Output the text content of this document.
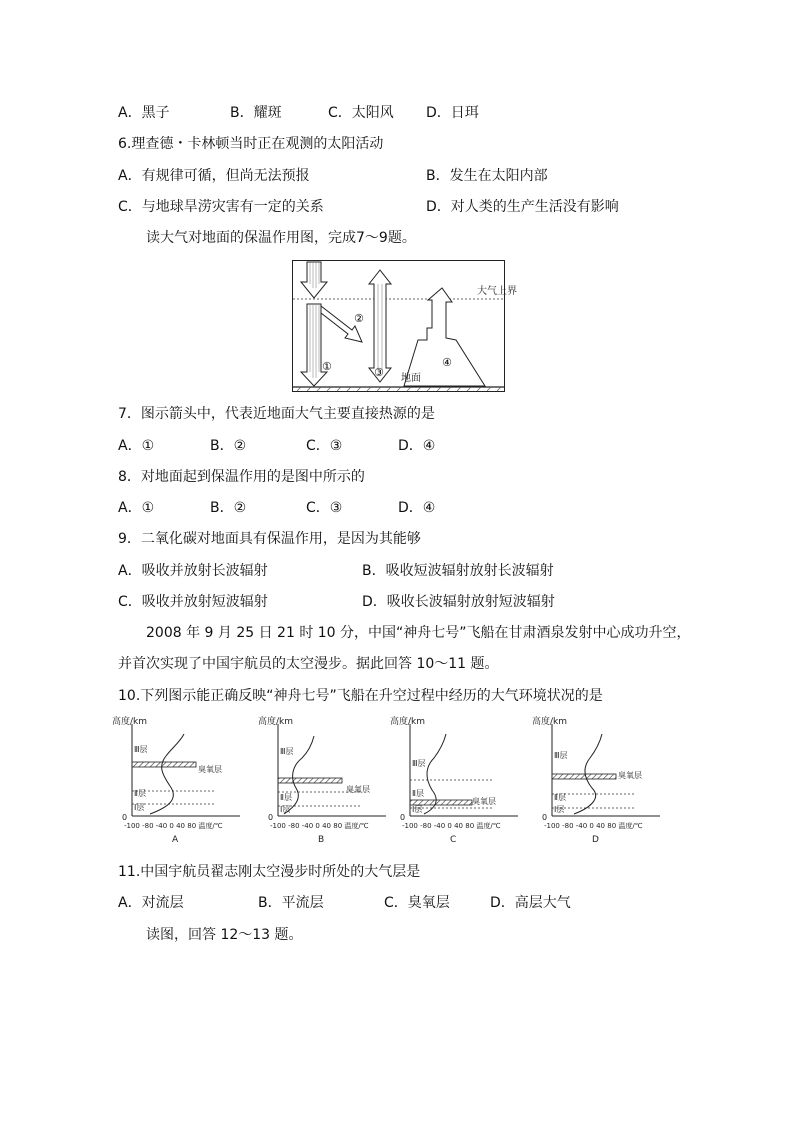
A．黑子	B．耀斑	C．太阳风 D．日珥
6.理查德・卡林顿当时正在观测的太阳活动
A．有规律可循，但尚无法预报	B．发生在太阳内部
C．与地球旱涝灾害有一定的关系	D．对人类的生产生活没有影响
读大气对地面的保温作用图，完成7～9题。
大气上界
地面
①
②
③
④
7．图示箭头中，代表近地面大气主要直接热源的是
A．①	B．②	C．③	D．④
8．对地面起到保温作用的是图中所示的
A．①	B．②	C．③	D．④
9．二氧化碳对地面具有保温作用，是因为其能够
A．吸收并放射长波辐射	B．吸收短波辐射放射长波辐射
C．吸收并放射短波辐射	D．吸收长波辐射放射短波辐射
2008 年 9 月 25 日 21 时 10 分，中国“神舟七号”飞船在甘肃酒泉发射中心成功升空，
并首次实现了中国宇航员的太空漫步。据此回答 10～11 题。
10.下列图示能正确反映“神舟七号”飞船在升空过程中经历的大气环境状况的是
高度/km
0
-100 -80 -40 0 40 80 温度/℃
Ⅲ层
Ⅱ层
Ⅰ层
臭氧层
A
高度/km
0
-100 -80 -40 0 40 80 温度/℃
Ⅲ层
Ⅱ层
Ⅰ层
臭氧层
B
高度/km
0
-100 -80 -40 0 40 80 温度/℃
Ⅲ层
Ⅱ层
Ⅰ层
臭氧层
C
高度/km
0
-100 -80 -40 0 40 80 温度/℃
Ⅲ层
Ⅱ层
Ⅰ层
臭氧层
D
11.中国宇航员翟志刚太空漫步时所处的大气层是
A．对流层	B．平流层	C．臭氧层	D．高层大气
读图，回答 12～13 题。
